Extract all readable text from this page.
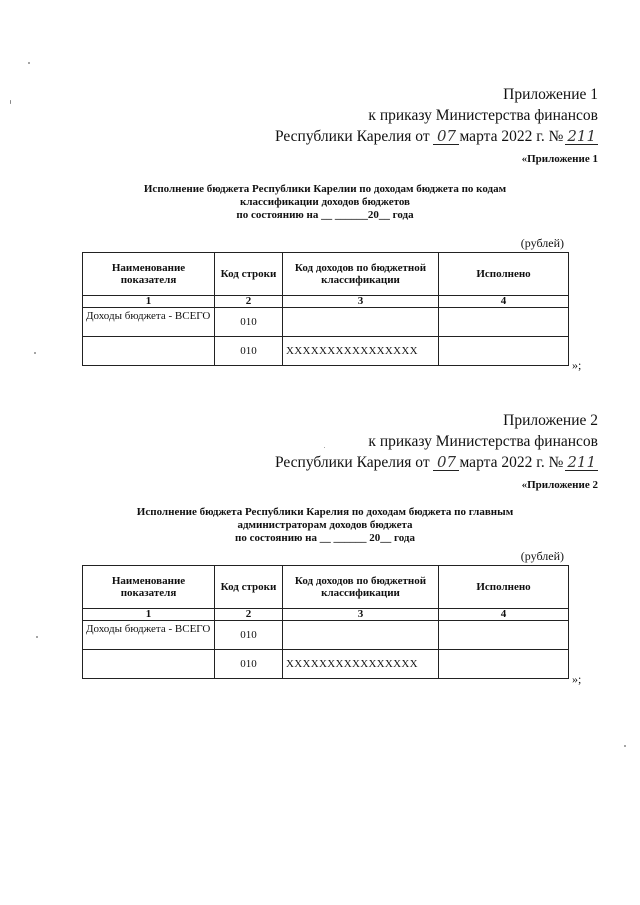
Приложение 1
к приказу Министерства финансов
Республики Карелия от 07 марта 2022 г. № 211
«Приложение 1
Исполнение бюджета Республики Карелии по доходам бюджета по кодам
классификации доходов бюджетов
по состоянию на __ ______20__ года
(рублей)
Наименование показателя	Код строки	Код доходов по бюджетной классификации	Исполнено
1	2	3	4
Доходы бюджета - ВСЕГО	010		
	010	XXXXXXXXXXXXXXXX	
»;
Приложение 2
к приказу Министерства финансов
Республики Карелия от 07 марта 2022 г. № 211
«Приложение 2
Исполнение бюджета Республики Карелия по доходам бюджета по главным
администраторам доходов бюджета
по состоянию на __ ______ 20__ года
(рублей)
Наименование показателя	Код строки	Код доходов по бюджетной классификации	Исполнено
1	2	3	4
Доходы бюджета - ВСЕГО	010		
	010	XXXXXXXXXXXXXXXX	
»;
